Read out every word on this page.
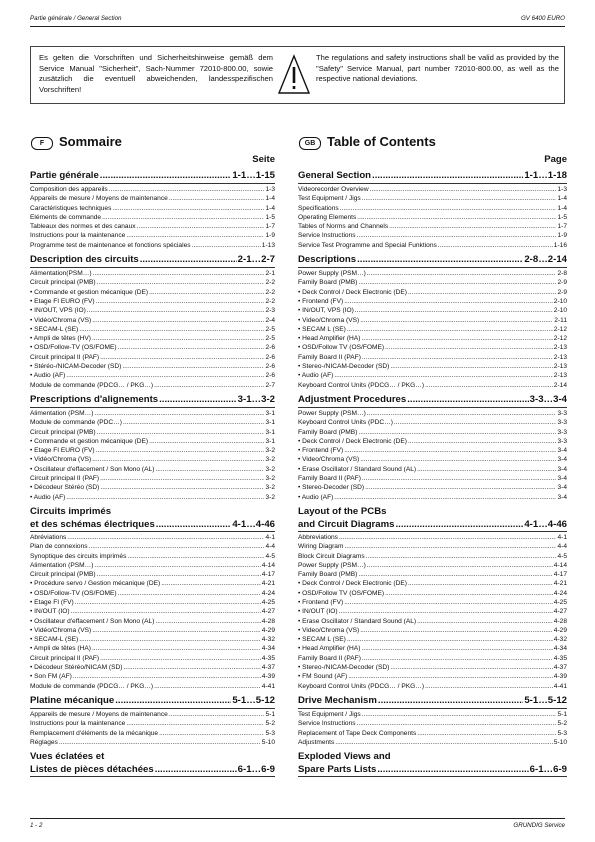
Partie générale / General Section	GV 6400 EURO
Es gelten die Vorschriften und Sicherheitshinweise gemäß dem Service Manual "Sicherheit", Sach-Nummer 72010-800.00, sowie zusätzlich die eventuell abweichenden, landesspezifischen Vorschriften!
The regulations and safety instructions shall be valid as provided by the "Safety" Service Manual, part number 72010-800.00, as well as the respective national deviations.
F	Sommaire
Seite
Partie générale .....	1-1…1-15
Composition des appareils .....	1-3
Appareils de mesure / Moyens de maintenance .....	1-4
Caractéristiques techniques .....	1-4
Eléments de commande .....	1-5
Tableaux des normes et des canaux .....	1-7
Instructions pour la maintenance .....	1-9
Programme test de maintenance et fonctions spéciales .....	1-13
Description des circuits .....	2-1…2-7
Alimentation(PSM…) .....	2-1
Circuit principal (PMB) .....	2-2
• Commande et gestion mécanique (DE) .....	2-2
• Etage FI EURO (FV) .....	2-2
• IN/OUT, VPS (IO) .....	2-3
• Vidéo/Chroma (VS) .....	2-4
• SECAM-L (SE) .....	2-5
• Ampli de têtes (HV) .....	2-5
• OSD/Follow-TV (OS/FOME) .....	2-6
Circuit principal II (PAF) .....	2-6
• Stéréo-/NICAM-Decoder (SD) .....	2-6
• Audio (AF) .....	2-6
Module de commande (PDCG… / PKG…) .....	2-7
Prescriptions d'alignements .....	3-1…3-2
Alimentation (PSM…) .....	3-1
Module de commande (PDC…) .....	3-1
Circuit principal (PMB) .....	3-1
• Commande et gestion mécanique (DE) .....	3-1
• Etage FI EURO (FV) .....	3-2
• Vidéo/Chroma (VS) .....	3-2
• Oscillateur d'effacement / Son Mono (AL) .....	3-2
Circuit principal II (PAF) .....	3-2
• Décodeur Stéréo (SD) .....	3-2
• Audio (AF) .....	3-2
Circuits imprimés
et des schémas électriques .....	4-1…4-46
Abréviations .....	4-1
Plan de connexions .....	4-4
Synoptique des circuits imprimés .....	4-5
Alimentation (PSM…) .....	4-14
Circuit principal (PMB) .....	4-17
• Procédure servo / Gestion mécanique (DE) .....	4-21
• OSD/Follow-TV (OS/FOME) .....	4-24
• Etage FI (FV) .....	4-25
• IN/OUT (IO) .....	4-27
• Oscillateur d'effacement / Son Mono (AL) .....	4-28
• Vidéo/Chroma (VS) .....	4-29
• SECAM-L (SE) .....	4-32
• Ampli de têtes (HA) .....	4-34
Circuit principal II (PAF) .....	4-35
• Décodeur Stéréo/NICAM (SD) .....	4-37
• Son FM (AF) .....	4-39
Module de commande (PDCG… / PKG…) .....	4-41
Platine mécanique .....	5-1…5-12
Appareils de mesure / Moyens de maintenance .....	5-1
Instructions pour la maintenance .....	5-2
Remplacement d'éléments de la mécanique .....	5-3
Réglages .....	5-10
Vues éclatées et
Listes de pièces détachées .....	6-1…6-9
GB Table of Contents
Page
General Section .....	1-1…1-18
Videorecorder Overview .....	1-3
Test Equipment / Jigs .....	1-4
Specifications .....	1-4
Operating Elements .....	1-5
Tables of Norms and Channels .....	1-7
Service Instructions .....	1-9
Service Test Programme and Special Funktions .....	1-16
Descriptions .....	2-8…2-14
Power Supply (PSM…) .....	2-8
Family Board (PMB) .....	2-9
• Deck Control / Deck Electronic (DE) .....	2-9
• Frontend (FV) .....	2-10
• IN/OUT, VPS (IO) .....	2-10
• Video/Chroma (VS) .....	2-11
• SECAM L (SE) .....	2-12
• Head Amplifier (HA) .....	2-12
• OSD/Follow TV (OS/FOME) .....	2-13
Family Board II (PAF) .....	2-13
• Stereo-/NICAM-Decoder (SD) .....	2-13
• Audio (AF) .....	2-13
Keyboard Control Units (PDCG… / PKG…) .....	2-14
Adjustment Procedures .....	3-3…3-4
Power Supply (PSM…) .....	3-3
Keyboard Control Units (PDC…) .....	3-3
Family Board (PMB) .....	3-3
• Deck Control / Deck Electronic (DE) .....	3-3
• Frontend (FV) .....	3-4
• Video/Chroma (VS) .....	3-4
• Erase Oscillator / Standard Sound (AL) .....	3-4
Family Board II (PAF) .....	3-4
• Stereo-Decoder (SD) .....	3-4
• Audio (AF) .....	3-4
Layout of the PCBs
and Circuit Diagrams .....	4-1…4-46
Abbreviations .....	4-1
Wiring Diagram .....	4-4
Block Circuit Diagrams .....	4-5
Power Supply (PSM…) .....	4-14
Family Board (PMB) .....	4-17
• Deck Control / Deck Electronic (DE) .....	4-21
• OSD/Follow TV (OS/FOME) .....	4-24
• Frontend (FV) .....	4-25
• IN/OUT (IO) .....	4-27
• Erase Oscillator / Standard Sound (AL) .....	4-28
• Video/Chroma (VS) .....	4-29
• SECAM L (SE) .....	4-32
• Head Amplifier (HA) .....	4-34
Family Board II (PAF) .....	4-35
• Stereo-/NICAM-Decoder (SD) .....	4-37
• FM Sound (AF) .....	4-39
Keyboard Control Units (PDCG… / PKG…) .....	4-41
Drive Mechanism .....	5-1…5-12
Test Equipment / Jigs .....	5-1
Service Instructions .....	5-2
Replacement of Tape Deck Components .....	5-3
Adjustments .....	5-10
Exploded Views and
Spare Parts Lists .....	6-1…6-9
1 - 2	GRUNDIG Service
